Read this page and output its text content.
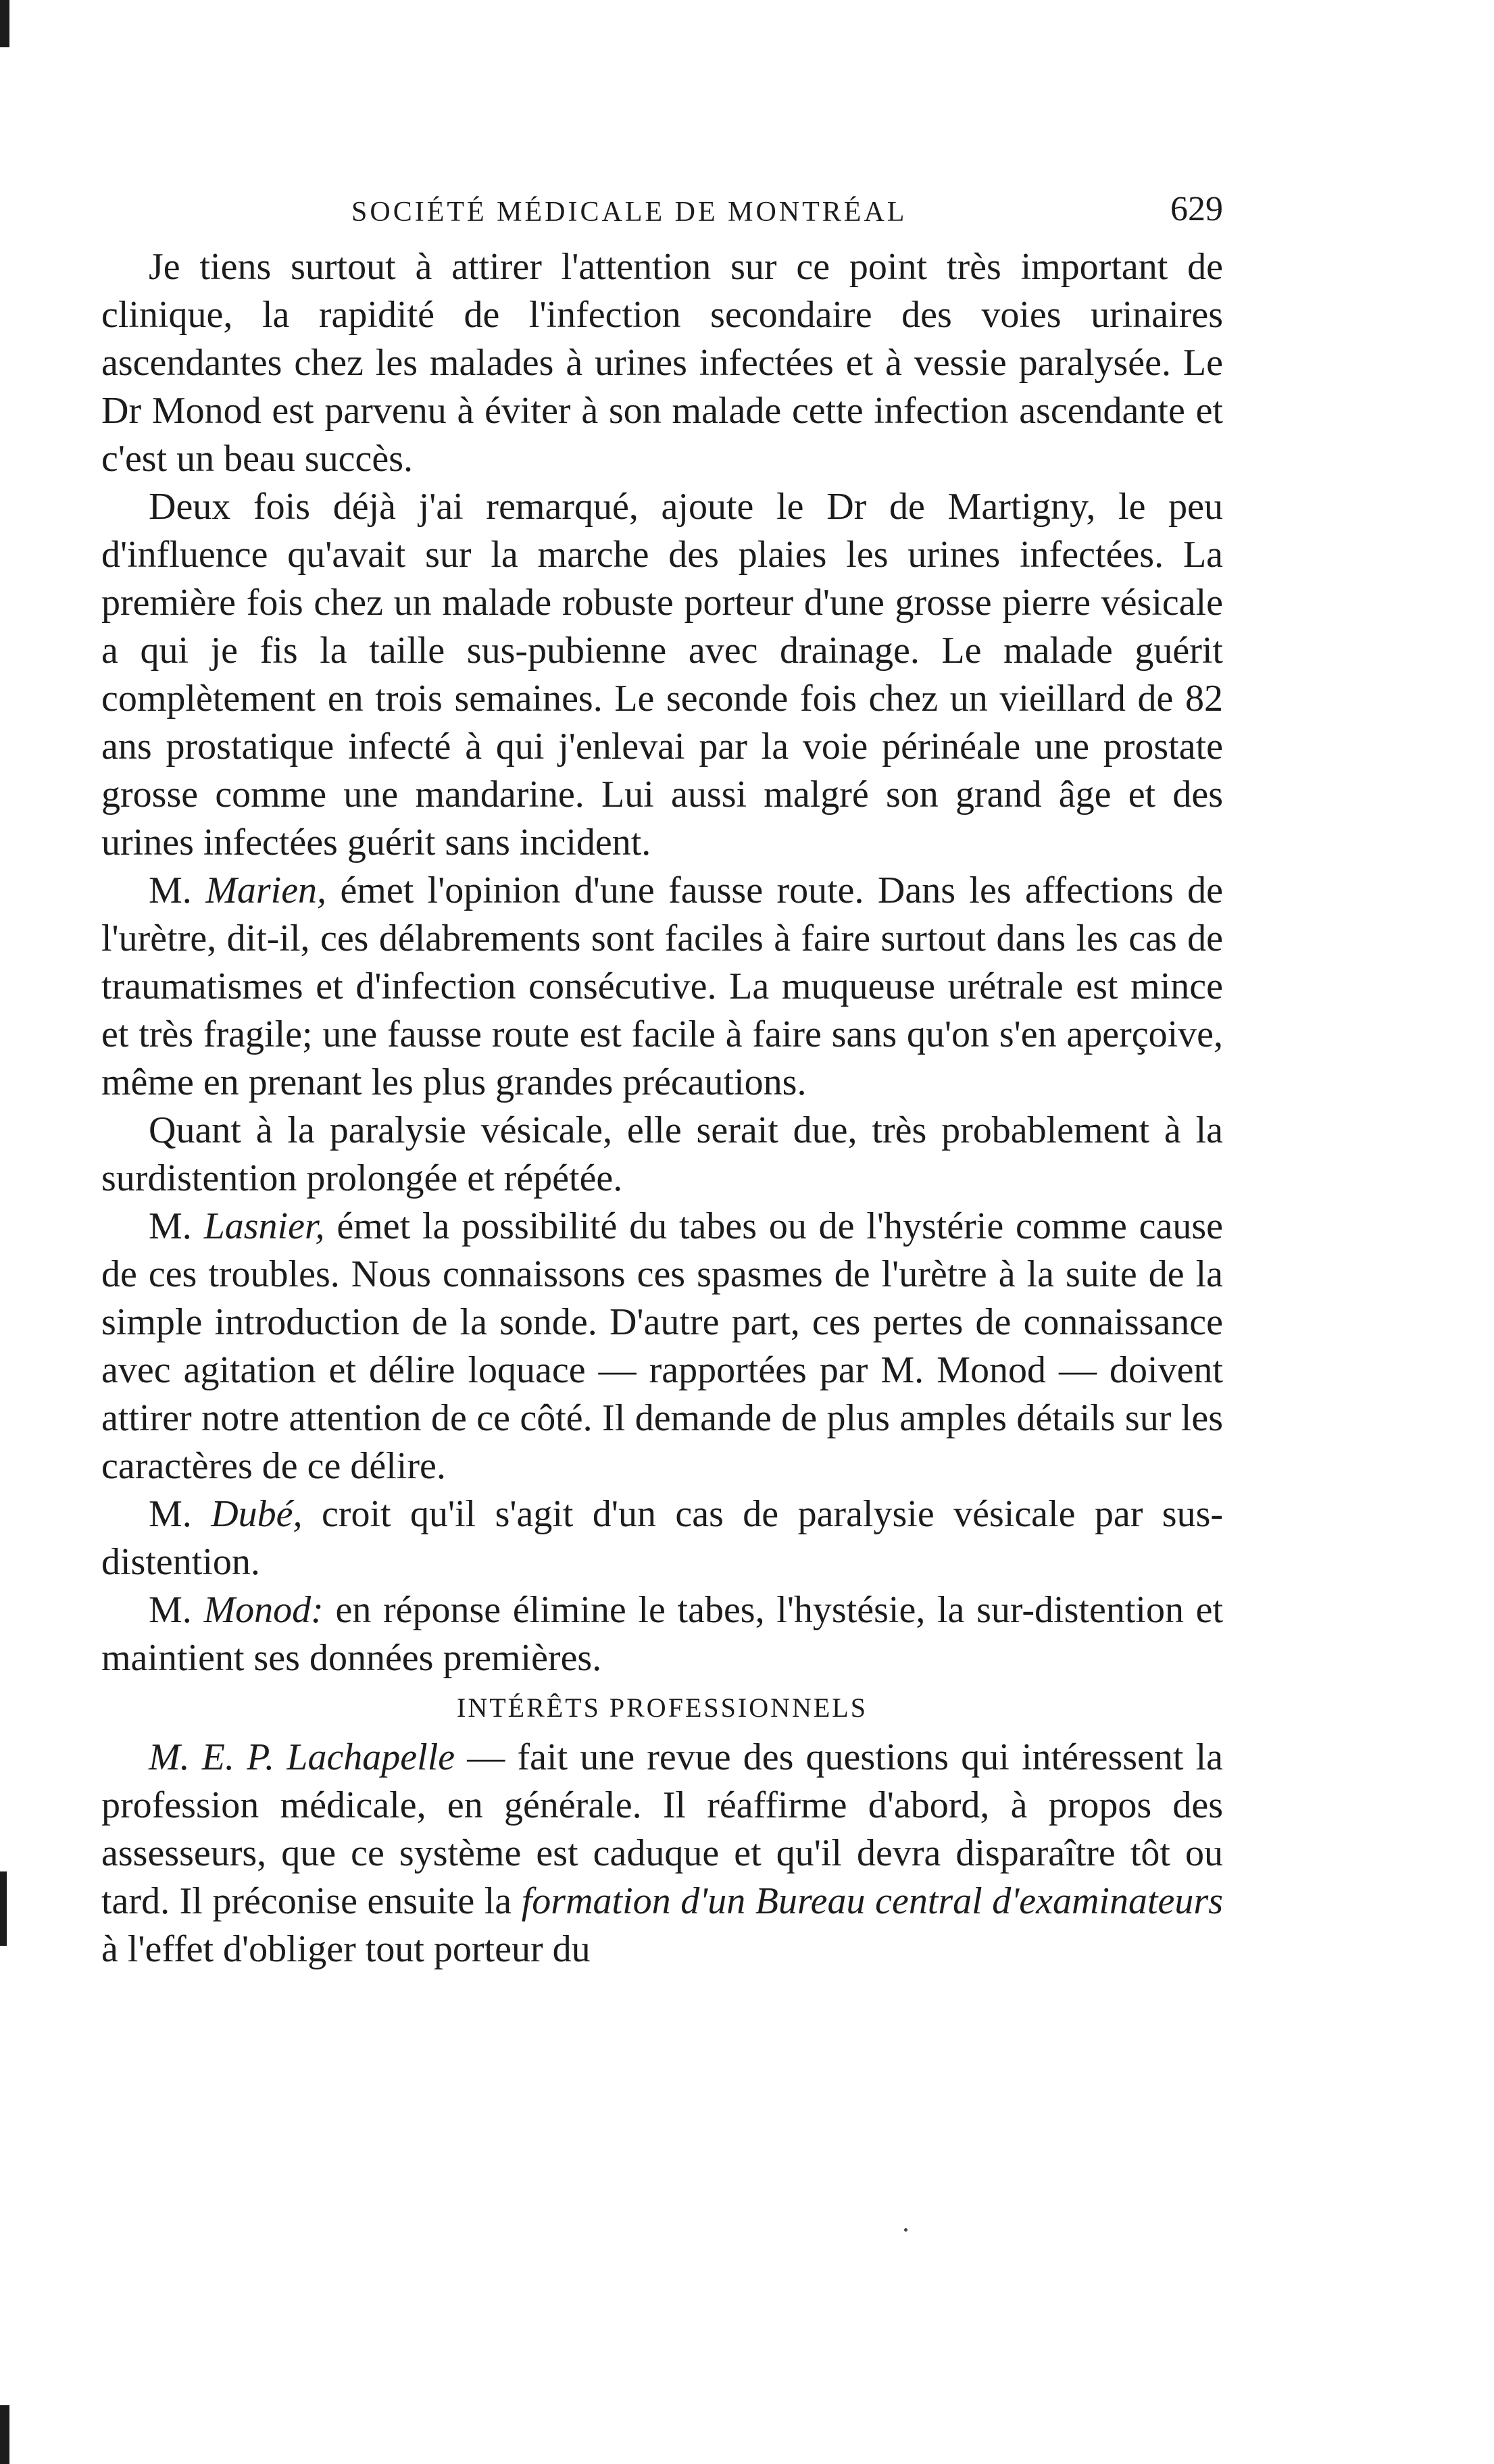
SOCIÉTÉ MÉDICALE DE MONTRÉAL	629

Je tiens surtout à attirer l'attention sur ce point très important de clinique, la rapidité de l'infection secondaire des voies urinaires ascendantes chez les malades à urines infectées et à vessie paralysée. Le Dr Monod est parvenu à éviter à son malade cette infection ascendante et c'est un beau succès.

Deux fois déjà j'ai remarqué, ajoute le Dr de Martigny, le peu d'influence qu'avait sur la marche des plaies les urines infectées. La première fois chez un malade robuste porteur d'une grosse pierre vésicale a qui je fis la taille sus-pubienne avec drainage. Le malade guérit complètement en trois semaines. Le seconde fois chez un vieillard de 82 ans prostatique infecté à qui j'enlevai par la voie périnéale une prostate grosse comme une mandarine. Lui aussi malgré son grand âge et des urines infectées guérit sans incident.

M. Marien, émet l'opinion d'une fausse route. Dans les affections de l'urètre, dit-il, ces délabrements sont faciles à faire surtout dans les cas de traumatismes et d'infection consécutive. La muqueuse urétrale est mince et très fragile; une fausse route est facile à faire sans qu'on s'en aperçoive, même en prenant les plus grandes précautions.

Quant à la paralysie vésicale, elle serait due, très probablement à la surdistention prolongée et répétée.

M. Lasnier, émet la possibilité du tabes ou de l'hystérie comme cause de ces troubles. Nous connaissons ces spasmes de l'urètre à la suite de la simple introduction de la sonde. D'autre part, ces pertes de connaissance avec agitation et délire loquace — rapportées par M. Monod — doivent attirer notre attention de ce côté. Il demande de plus amples détails sur les caractères de ce délire.

M. Dubé, croit qu'il s'agit d'un cas de paralysie vésicale par sus-distention.

M. Monod: en réponse élimine le tabes, l'hystésie, la sur-distention et maintient ses données premières.

INTÉRÊTS PROFESSIONNELS

M. E. P. Lachapelle — fait une revue des questions qui intéressent la profession médicale, en générale. Il réaffirme d'abord, à propos des assesseurs, que ce système est caduque et qu'il devra disparaître tôt ou tard. Il préconise ensuite la formation d'un Bureau central d'examinateurs à l'effet d'obliger tout porteur du
